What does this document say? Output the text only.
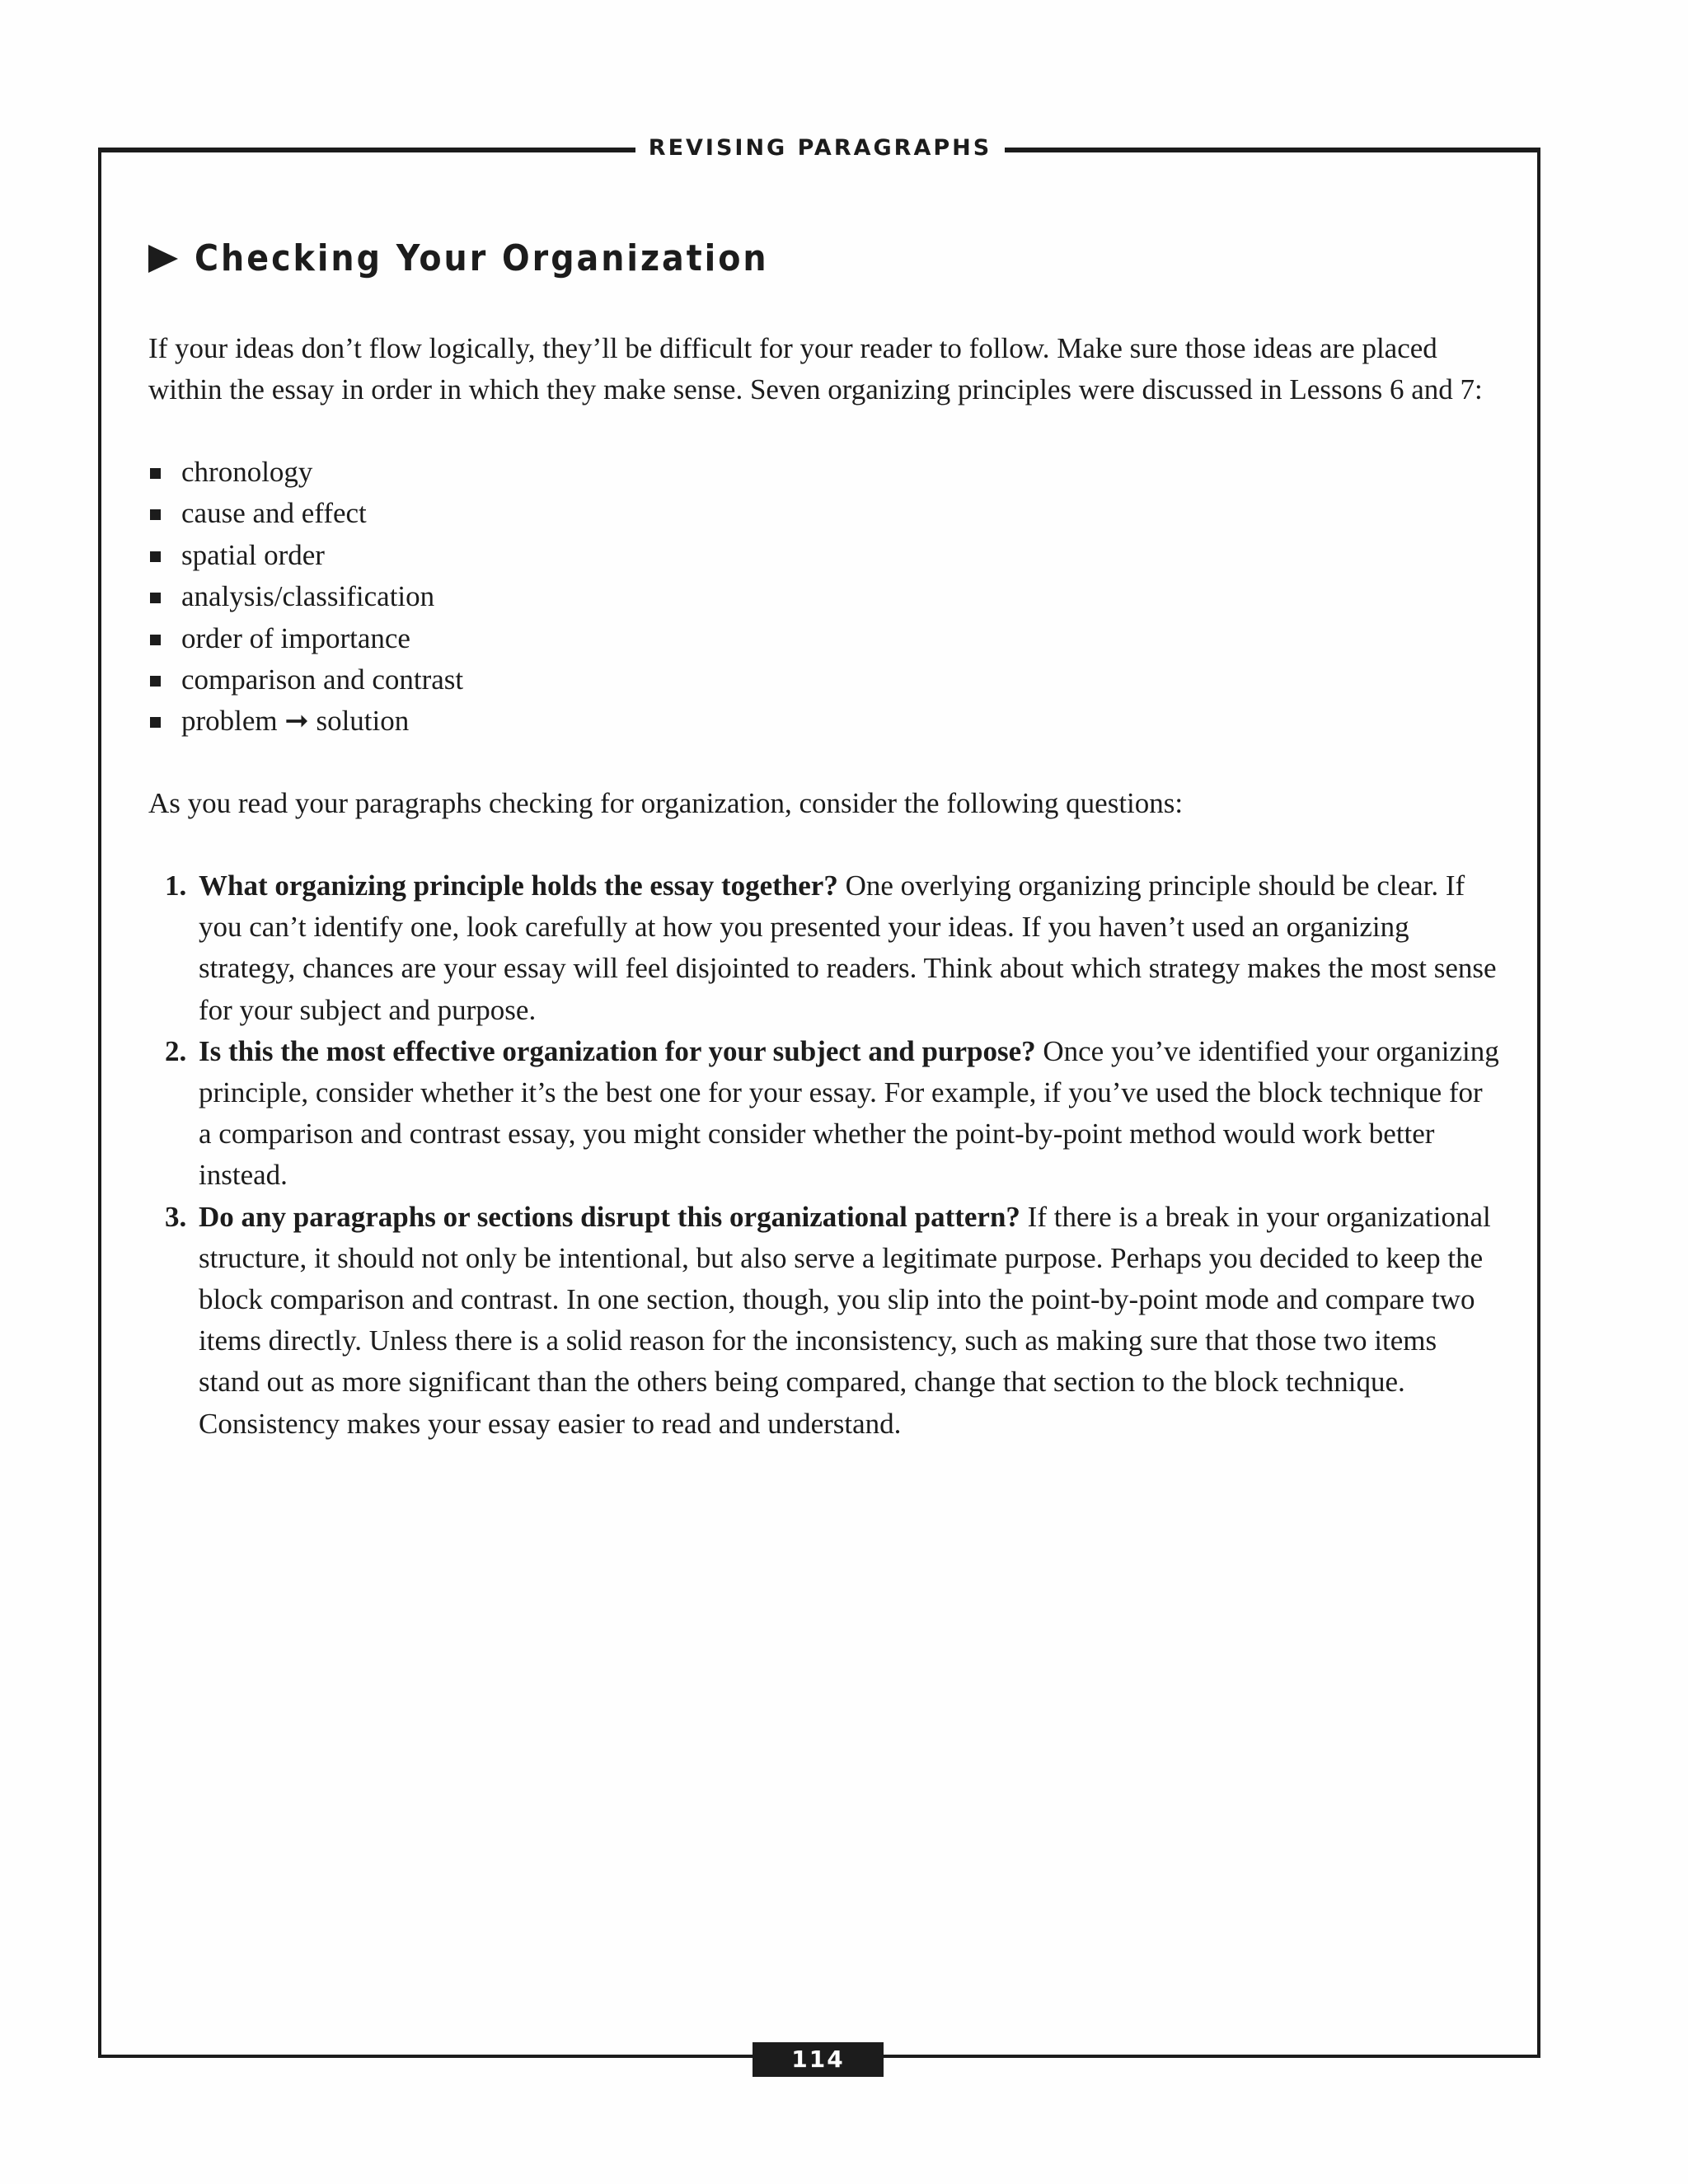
REVISING PARAGRAPHS
Checking Your Organization
If your ideas don’t flow logically, they’ll be difficult for your reader to follow. Make sure those ideas are placed within the essay in order in which they make sense. Seven organizing principles were discussed in Lessons 6 and 7:
chronology
cause and effect
spatial order
analysis/classification
order of importance
comparison and contrast
problem ➞ solution
As you read your paragraphs checking for organization, consider the following questions:
1. What organizing principle holds the essay together? One overlying organizing principle should be clear. If you can’t identify one, look carefully at how you presented your ideas. If you haven’t used an organizing strategy, chances are your essay will feel disjointed to readers. Think about which strategy makes the most sense for your subject and purpose.
2. Is this the most effective organization for your subject and purpose? Once you’ve identified your organizing principle, consider whether it’s the best one for your essay. For example, if you’ve used the block technique for a comparison and contrast essay, you might consider whether the point-by-point method would work better instead.
3. Do any paragraphs or sections disrupt this organizational pattern? If there is a break in your organizational structure, it should not only be intentional, but also serve a legitimate purpose. Perhaps you decided to keep the block comparison and contrast. In one section, though, you slip into the point-by-point mode and compare two items directly. Unless there is a solid reason for the inconsistency, such as making sure that those two items stand out as more significant than the others being compared, change that section to the block technique. Consistency makes your essay easier to read and understand.
114
